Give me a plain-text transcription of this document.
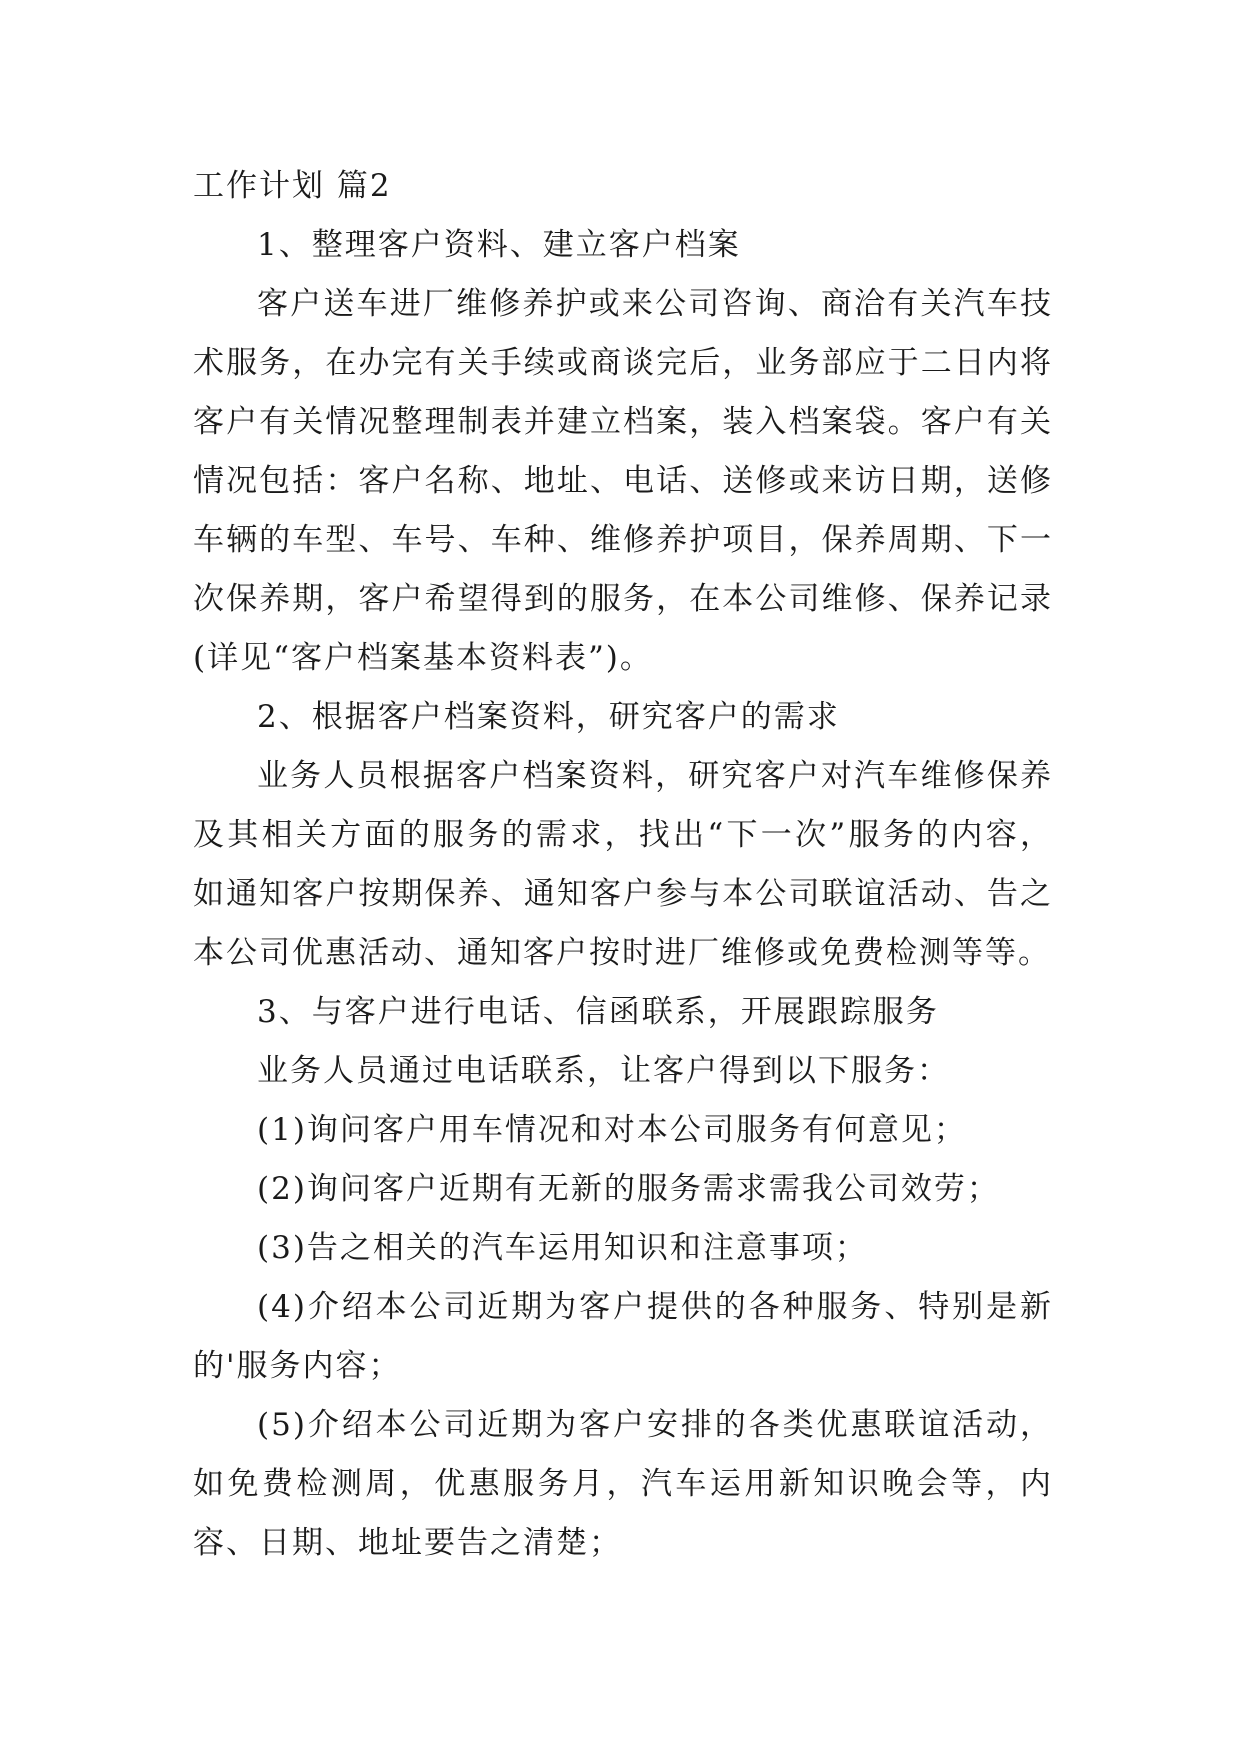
工作计划 篇2

1、整理客户资料、建立客户档案

客户送车进厂维修养护或来公司咨询、商洽有关汽车技术服务，在办完有关手续或商谈完后，业务部应于二日内将客户有关情况整理制表并建立档案，装入档案袋。客户有关情况包括：客户名称、地址、电话、送修或来访日期，送修车辆的车型、车号、车种、维修养护项目，保养周期、下一次保养期，客户希望得到的服务，在本公司维修、保养记录(详见“客户档案基本资料表”)。

2、根据客户档案资料，研究客户的需求

业务人员根据客户档案资料，研究客户对汽车维修保养及其相关方面的服务的需求，找出“下一次”服务的内容，如通知客户按期保养、通知客户参与本公司联谊活动、告之本公司优惠活动、通知客户按时进厂维修或免费检测等等。

3、与客户进行电话、信函联系，开展跟踪服务

业务人员通过电话联系，让客户得到以下服务：

(1)询问客户用车情况和对本公司服务有何意见；

(2)询问客户近期有无新的服务需求需我公司效劳；

(3)告之相关的汽车运用知识和注意事项；

(4)介绍本公司近期为客户提供的各种服务、特别是新的'服务内容；

(5)介绍本公司近期为客户安排的各类优惠联谊活动，如免费检测周，优惠服务月，汽车运用新知识晚会等，内容、日期、地址要告之清楚；
